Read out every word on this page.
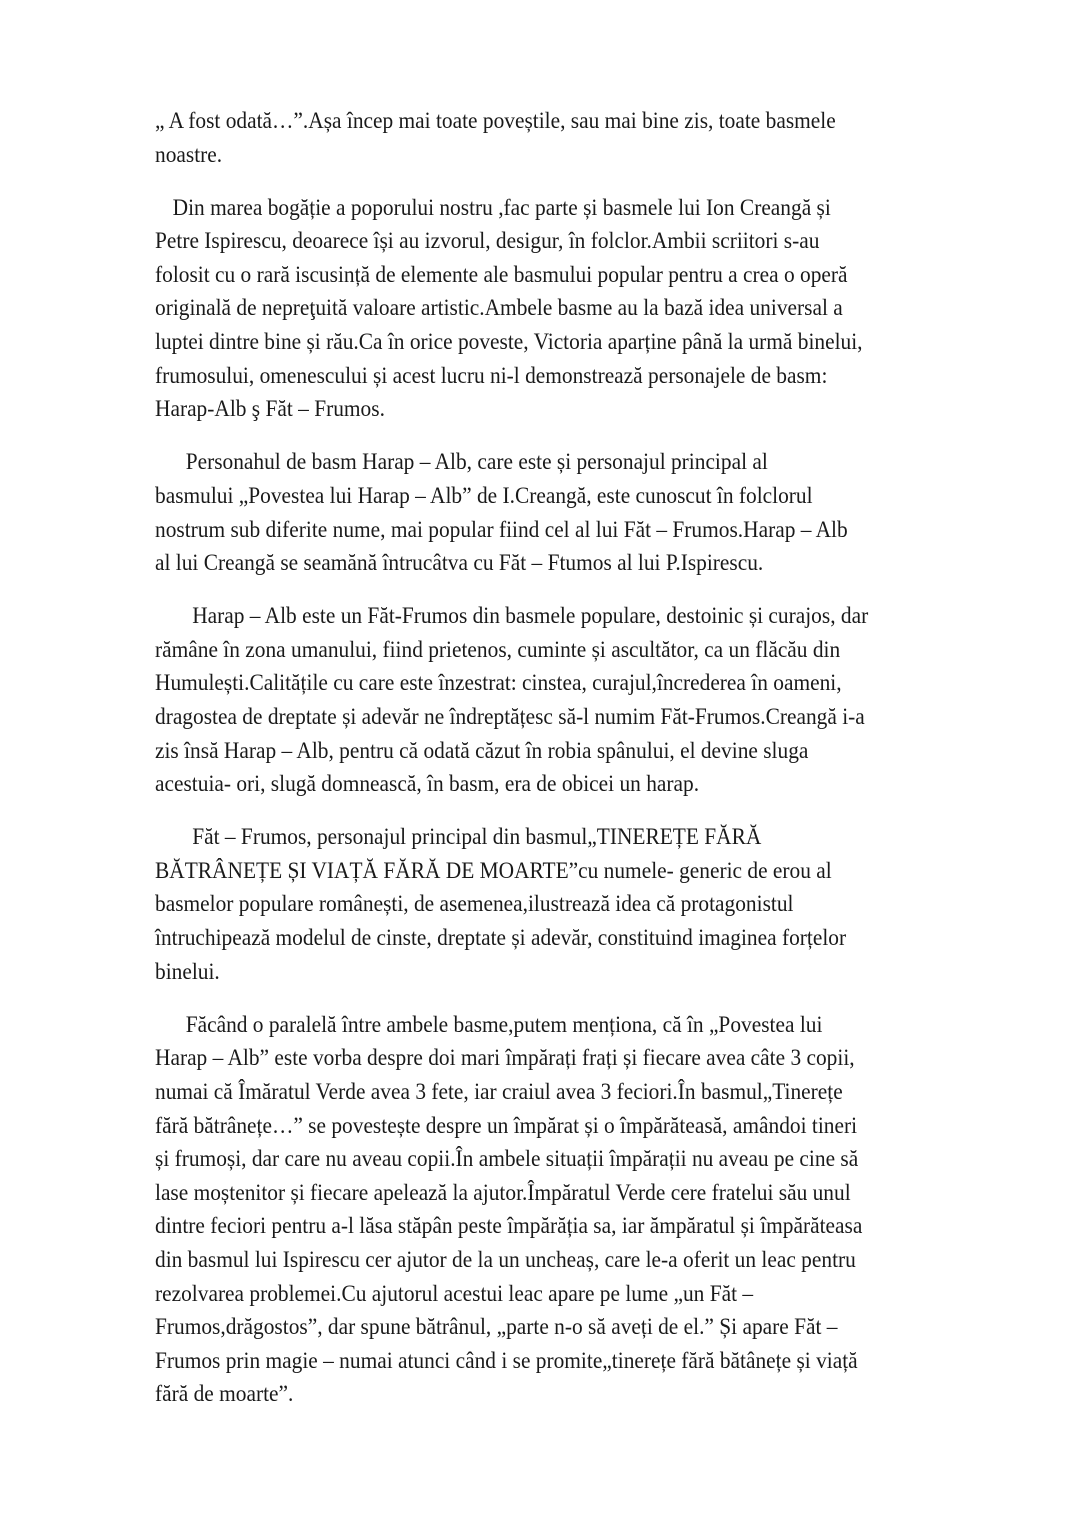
„ A fost odată…”.Așa încep mai toate poveștile, sau mai bine zis, toate basmele
noastre.

Din marea bogăție a poporului nostru ,fac parte și basmele lui Ion Creangă și
Petre Ispirescu, deoarece își au izvorul, desigur, în folclor.Ambii scriitori s-au
folosit cu o rară iscusință de elemente ale basmului popular pentru a crea o operă
originală de nepreţuită valoare artistic.Ambele basme au la bază idea universal a
luptei dintre bine și rău.Ca în orice poveste, Victoria aparține până la urmă binelui,
frumosului, omenescului și acest lucru ni-l demonstrează personajele de basm:
Harap-Alb ş Făt – Frumos.

Personahul de basm Harap – Alb, care este și personajul principal al
basmului „Povestea lui Harap – Alb” de I.Creangă, este cunoscut în folclorul
nostrum sub diferite nume, mai popular fiind cel al lui Făt – Frumos.Harap – Alb
al lui Creangă se seamănă întrucâtva cu Făt – Ftumos al lui P.Ispirescu.

Harap – Alb este un Făt-Frumos din basmele populare, destoinic și curajos, dar
rămâne în zona umanului, fiind prietenos, cuminte și ascultător, ca un flăcău din
Humulești.Calitățile cu care este înzestrat: cinstea, curajul,încrederea în oameni,
dragostea de dreptate și adevăr ne îndreptățesc să-l numim Făt-Frumos.Creangă i-a
zis însă Harap – Alb, pentru că odată căzut în robia spânului, el devine sluga
acestuia- ori, slugă domnească, în basm, era de obicei un harap.

Făt – Frumos, personajul principal din basmul„TINEREȚE FĂRĂ
BĂTRÂNEȚE ȘI VIAȚĂ FĂRĂ DE MOARTE”cu numele- generic de erou al
basmelor populare românești, de asemenea,ilustrează idea că protagonistul
întruchipează modelul de cinste, dreptate și adevăr, constituind imaginea forțelor
binelui.

Făcând o paralelă între ambele basme,putem menționa, că în „Povestea lui
Harap – Alb” este vorba despre doi mari împărați frați și fiecare avea câte 3 copii,
numai că Îmăratul Verde avea 3 fete, iar craiul avea 3 feciori.În basmul„Tinerețe
fără bătrânețe…” se povestește despre un împărat și o împărăteasă, amândoi tineri
și frumoși, dar care nu aveau copii.În ambele situații împărații nu aveau pe cine să
lase moștenitor și fiecare apelează la ajutor.Împăratul Verde cere fratelui său unul
dintre feciori pentru a-l lăsa stăpân peste împărăția sa, iar ămpăratul și împărăteasa
din basmul lui Ispirescu cer ajutor de la un uncheaș, care le-a oferit un leac pentru
rezolvarea problemei.Cu ajutorul acestui leac apare pe lume „un Făt –
Frumos,drăgostos”, dar spune bătrânul, „parte n-o să aveți de el.” Și apare Făt –
Frumos prin magie – numai atunci când i se promite„tinerețe fără bătânețe și viață
fără de moarte”.
